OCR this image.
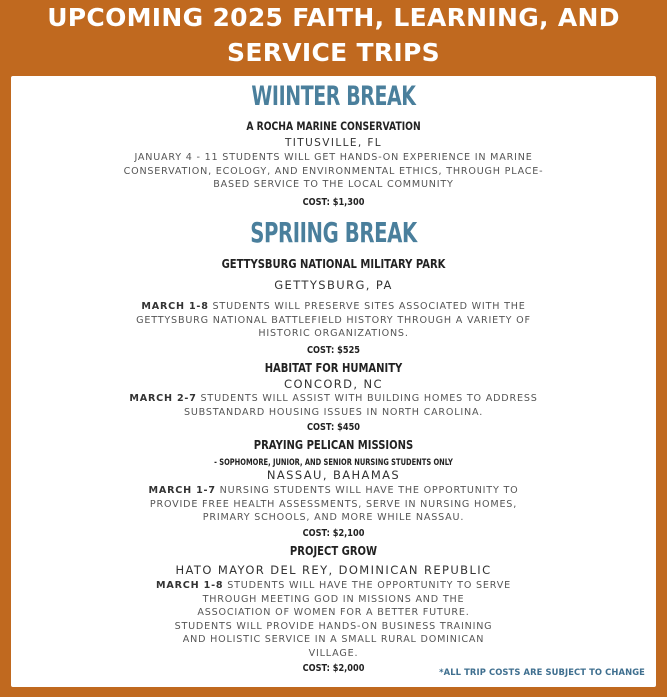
UPCOMING 2025 FAITH, LEARNING, AND
SERVICE TRIPS
WIINTER BREAK
A ROCHA MARINE CONSERVATION
TITUSVILLE, FL
JANUARY 4 - 11 STUDENTS WILL GET HANDS-ON EXPERIENCE IN MARINE
CONSERVATION, ECOLOGY, AND ENVIRONMENTAL ETHICS, THROUGH PLACE-
BASED SERVICE TO THE LOCAL COMMUNITY
COST: $1,300
SPRIING BREAK
GETTYSBURG NATIONAL MILITARY PARK
GETTYSBURG, PA
MARCH 1-8 STUDENTS WILL PRESERVE SITES ASSOCIATED WITH THE
GETTYSBURG NATIONAL BATTLEFIELD HISTORY THROUGH A VARIETY OF
HISTORIC ORGANIZATIONS.
COST: $525
HABITAT FOR HUMANITY
CONCORD, NC
MARCH 2-7 STUDENTS WILL ASSIST WITH BUILDING HOMES TO ADDRESS
SUBSTANDARD HOUSING ISSUES IN NORTH CAROLINA.
COST: $450
PRAYING PELICAN MISSIONS
- SOPHOMORE, JUNIOR, AND SENIOR NURSING STUDENTS ONLY
NASSAU, BAHAMAS
MARCH 1-7 NURSING STUDENTS WILL HAVE THE OPPORTUNITY TO
PROVIDE FREE HEALTH ASSESSMENTS, SERVE IN NURSING HOMES,
PRIMARY SCHOOLS, AND MORE WHILE NASSAU.
COST: $2,100
PROJECT GROW
HATO MAYOR DEL REY, DOMINICAN REPUBLIC
MARCH 1-8 STUDENTS WILL HAVE THE OPPORTUNITY TO SERVE
THROUGH MEETING GOD IN MISSIONS AND THE
ASSOCIATION OF WOMEN FOR A BETTER FUTURE.
STUDENTS WILL PROVIDE HANDS-ON BUSINESS TRAINING
AND HOLISTIC SERVICE IN A SMALL RURAL DOMINICAN
VILLAGE.
COST: $2,000	*ALL TRIP COSTS ARE SUBJECT TO CHANGE
